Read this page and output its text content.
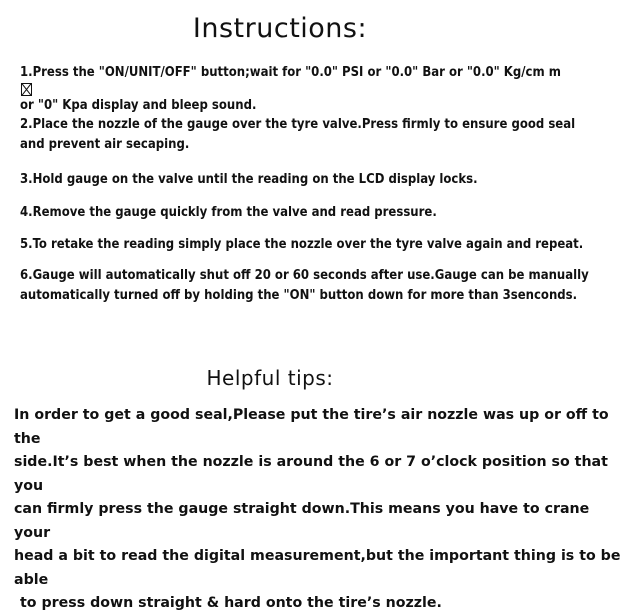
Instructions:
1.Press the "ON/UNIT/OFF" button;wait for "0.0" PSI or "0.0" Bar or "0.0" Kg/cm m
or "0" Kpa display and bleep sound.
2.Place the nozzle of the gauge over the tyre valve.Press firmly to ensure good seal
and prevent air secaping.
3.Hold gauge on the valve until the reading on the LCD display locks.
4.Remove the gauge quickly from the valve and read pressure.
5.To retake the reading simply place the nozzle over the tyre valve again and repeat.
6.Gauge will automatically shut off 20 or 60 seconds after use.Gauge can be manually
automatically turned off by holding the "ON" button down for more than 3senconds.
Helpful tips:

In order to get a good seal,Please put the tire’s air nozzle was up or off to the
side.It’s best when the nozzle is around the 6 or 7 o’clock position so that you
can firmly press the gauge straight down.This means you have to crane your
head a bit to read the digital measurement,but the important thing is to be able
to press down straight & hard onto the tire’s nozzle.
